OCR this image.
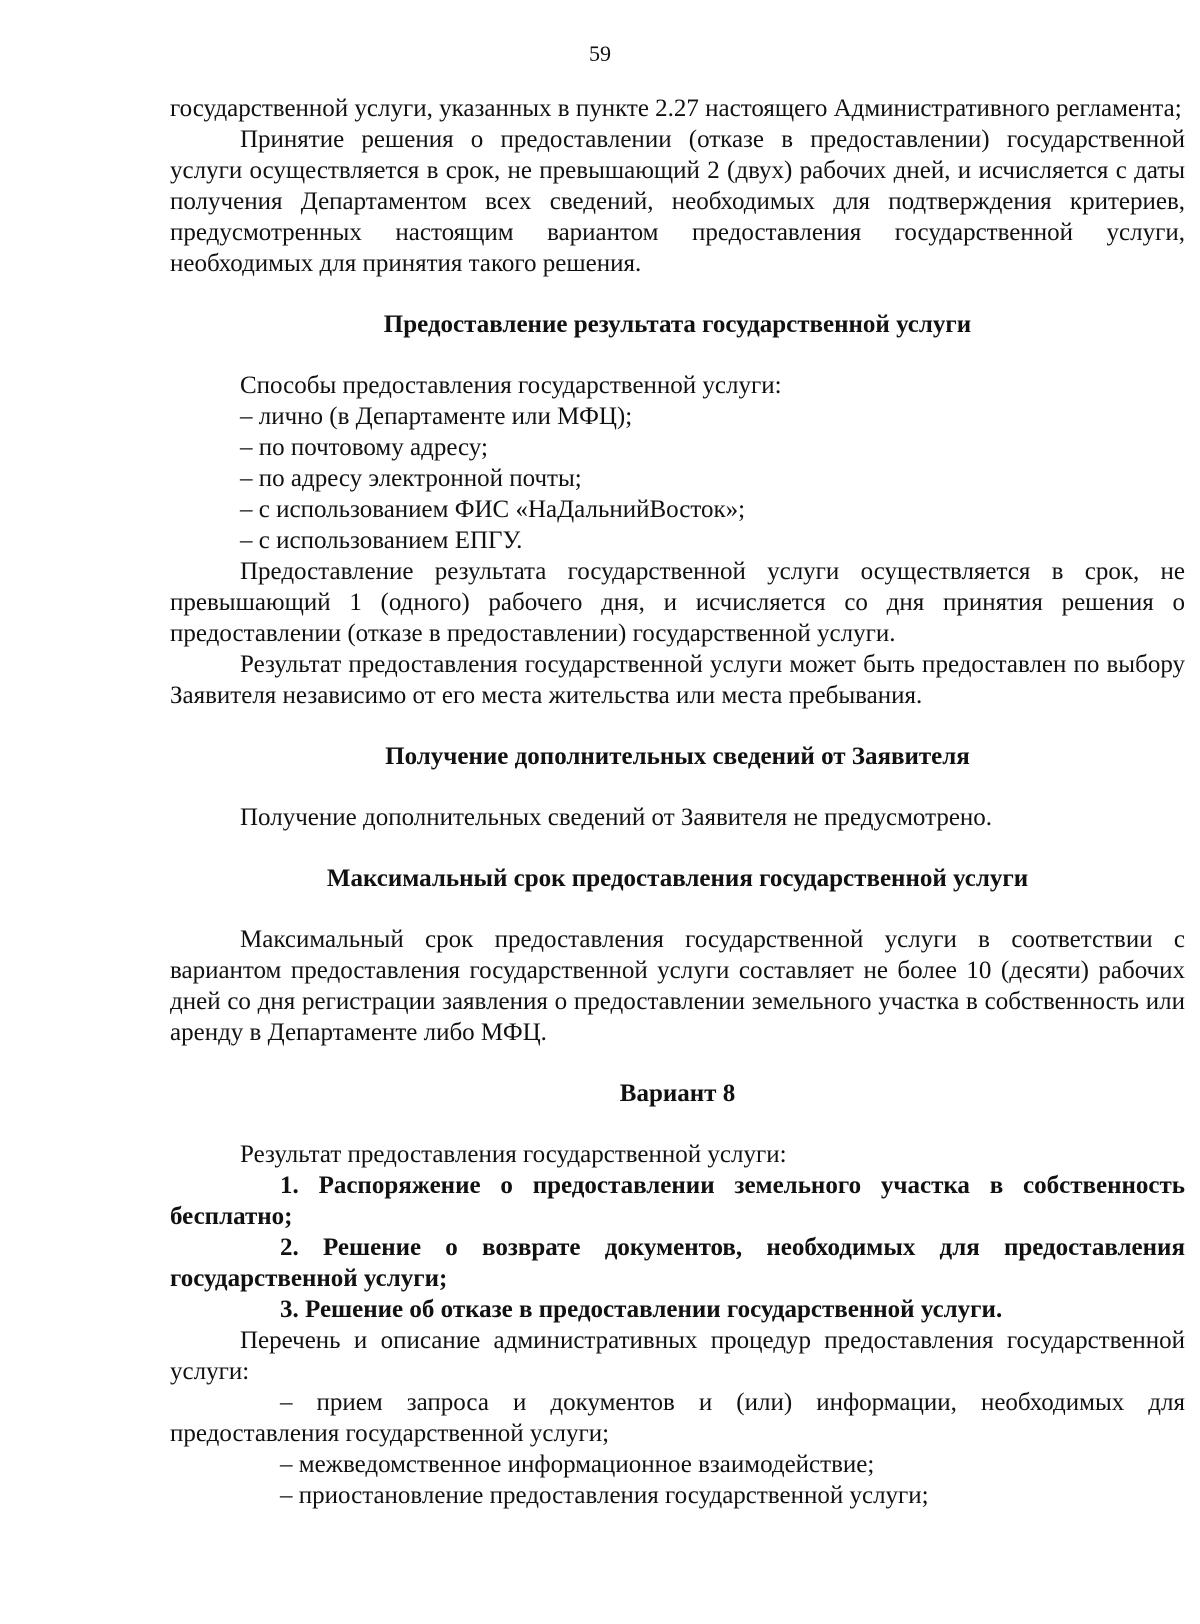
59

государственной услуги, указанных в пункте 2.27 настоящего Административного регламента;

Принятие решения о предоставлении (отказе в предоставлении) государственной услуги осуществляется в срок, не превышающий 2 (двух) рабочих дней, и исчисляется с даты получения Департаментом всех сведений, необходимых для подтверждения критериев, предусмотренных настоящим вариантом предоставления государственной услуги, необходимых для принятия такого решения.

Предоставление результата государственной услуги

Способы предоставления государственной услуги:

– лично (в Департаменте или МФЦ);

– по почтовому адресу;

– по адресу электронной почты;

– с использованием ФИС «НаДальнийВосток»;

– с использованием ЕПГУ.

Предоставление результата государственной услуги осуществляется в срок, не превышающий 1 (одного) рабочего дня, и исчисляется со дня принятия решения о предоставлении (отказе в предоставлении) государственной услуги.

Результат предоставления государственной услуги может быть предоставлен по выбору Заявителя независимо от его места жительства или места пребывания.

Получение дополнительных сведений от Заявителя

Получение дополнительных сведений от Заявителя не предусмотрено.

Максимальный срок предоставления государственной услуги

Максимальный срок предоставления государственной услуги в соответствии с вариантом предоставления государственной услуги составляет не более 10 (десяти) рабочих дней со дня регистрации заявления о предоставлении земельного участка в собственность или аренду в Департаменте либо МФЦ.

Вариант 8

Результат предоставления государственной услуги:

1. Распоряжение о предоставлении земельного участка в собственность бесплатно;

2. Решение о возврате документов, необходимых для предоставления государственной услуги;

3. Решение об отказе в предоставлении государственной услуги.

Перечень и описание административных процедур предоставления государственной услуги:

– прием запроса и документов и (или) информации, необходимых для предоставления государственной услуги;

– межведомственное информационное взаимодействие;

– приостановление предоставления государственной услуги;
